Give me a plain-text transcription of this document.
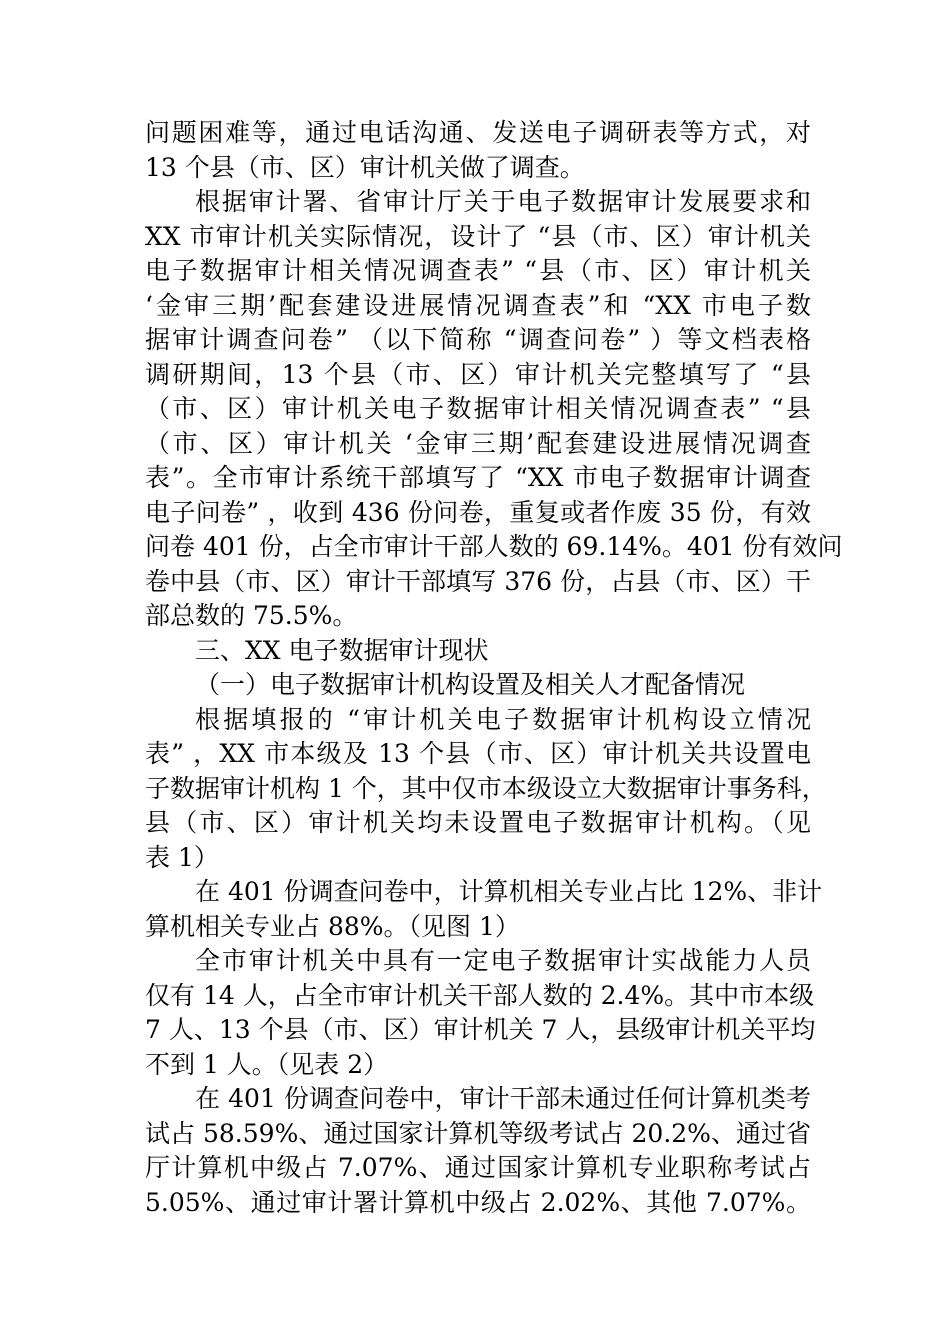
问题困难等，通过电话沟通、发送电子调研表等方式，对
13 个县（市、区）审计机关做了调查。
根据审计署、省审计厅关于电子数据审计发展要求和
XX 市审计机关实际情况，设计了 “县（市、区）审计机关
电子数据审计相关情况调查表” “县（市、区）审计机关
‘金审三期’配套建设进展情况调查表”和 “XX 市电子数
据审计调查问卷” （以下简称 “调查问卷” ）等文档表格
调研期间，13 个县（市、区）审计机关完整填写了 “县
（市、区）审计机关电子数据审计相关情况调查表” “县
（市、区）审计机关 ‘金审三期’配套建设进展情况调查
表”。全市审计系统干部填写了 “XX 市电子数据审计调查
电子问卷” ，收到 436 份问卷，重复或者作废 35 份，有效
问卷 401 份，占全市审计干部人数的 69.14%。401 份有效问
卷中县（市、区）审计干部填写 376 份，占县（市、区）干
部总数的 75.5%。
三、XX 电子数据审计现状
（一）电子数据审计机构设置及相关人才配备情况
根据填报的 “审计机关电子数据审计机构设立情况
表” ，XX 市本级及 13 个县（市、区）审计机关共设置电
子数据审计机构 1 个，其中仅市本级设立大数据审计事务科，
县（市、区）审计机关均未设置电子数据审计机构。（见
表 1）
在 401 份调查问卷中，计算机相关专业占比 12%、非计
算机相关专业占 88%。（见图 1）
全市审计机关中具有一定电子数据审计实战能力人员
仅有 14 人，占全市审计机关干部人数的 2.4%。其中市本级
7 人、13 个县（市、区）审计机关 7 人，县级审计机关平均
不到 1 人。（见表 2）
在 401 份调查问卷中，审计干部未通过任何计算机类考
试占 58.59%、通过国家计算机等级考试占 20.2%、通过省
厅计算机中级占 7.07%、通过国家计算机专业职称考试占
5.05%、通过审计署计算机中级占 2.02%、其他 7.07%。
